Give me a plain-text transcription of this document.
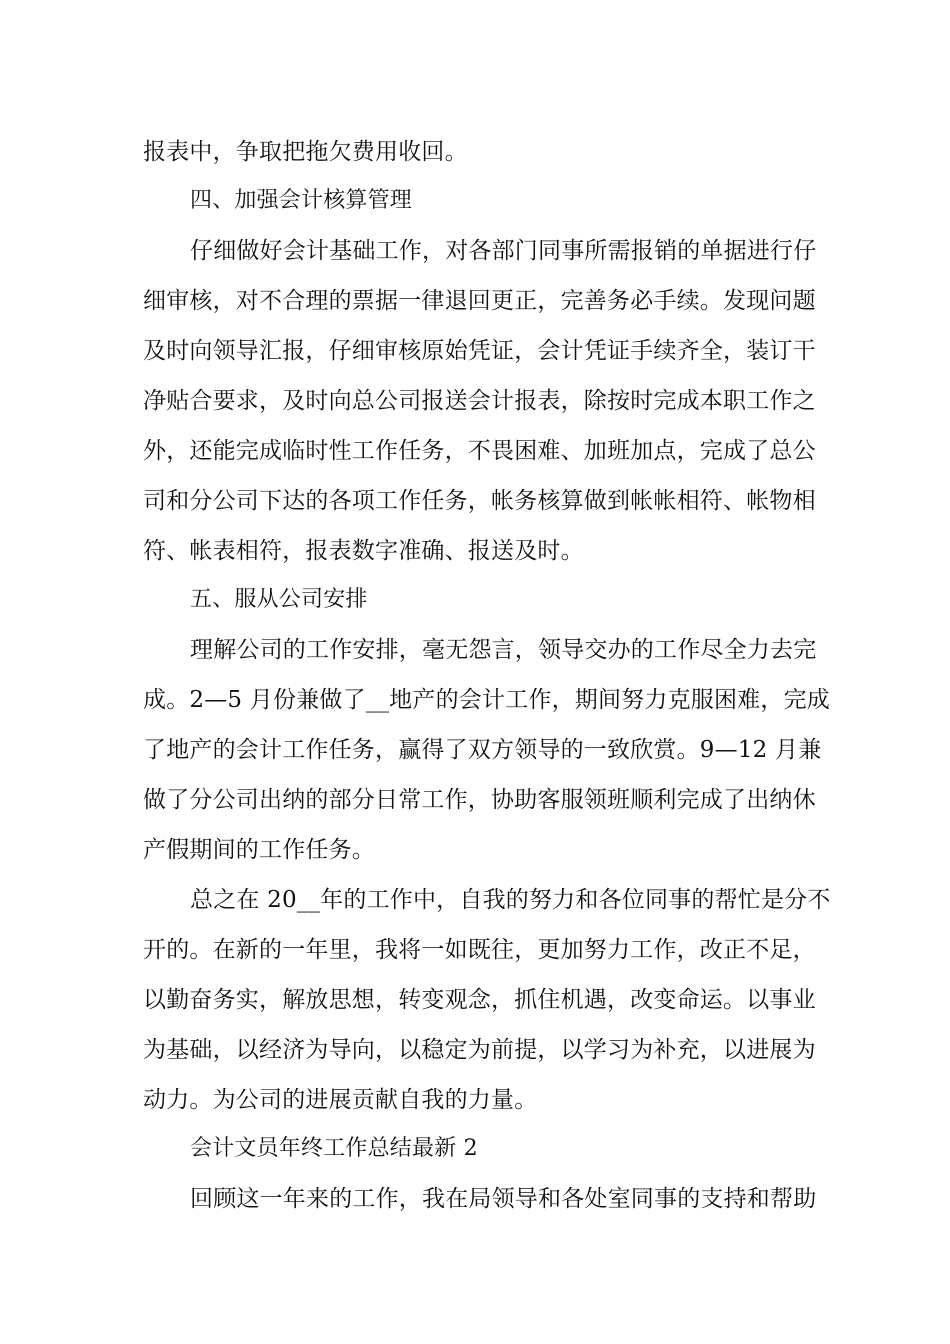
报表中，争取把拖欠费用收回。
四、加强会计核算管理
仔细做好会计基础工作，对各部门同事所需报销的单据进行仔
细审核，对不合理的票据一律退回更正，完善务必手续。发现问题
及时向领导汇报，仔细审核原始凭证，会计凭证手续齐全，装订干
净贴合要求，及时向总公司报送会计报表，除按时完成本职工作之
外，还能完成临时性工作任务，不畏困难、加班加点，完成了总公
司和分公司下达的各项工作任务，帐务核算做到帐帐相符、帐物相
符、帐表相符，报表数字准确、报送及时。
五、服从公司安排
理解公司的工作安排，毫无怨言，领导交办的工作尽全力去完
成。2—5 月份兼做了__地产的会计工作，期间努力克服困难，完成
了地产的会计工作任务，赢得了双方领导的一致欣赏。9—12 月兼
做了分公司出纳的部分日常工作，协助客服领班顺利完成了出纳休
产假期间的工作任务。
总之在 20__年的工作中，自我的努力和各位同事的帮忙是分不
开的。在新的一年里，我将一如既往，更加努力工作，改正不足，
以勤奋务实，解放思想，转变观念，抓住机遇，改变命运。以事业
为基础，以经济为导向，以稳定为前提，以学习为补充，以进展为
动力。为公司的进展贡献自我的力量。
会计文员年终工作总结最新 2
回顾这一年来的工作，我在局领导和各处室同事的支持和帮助
